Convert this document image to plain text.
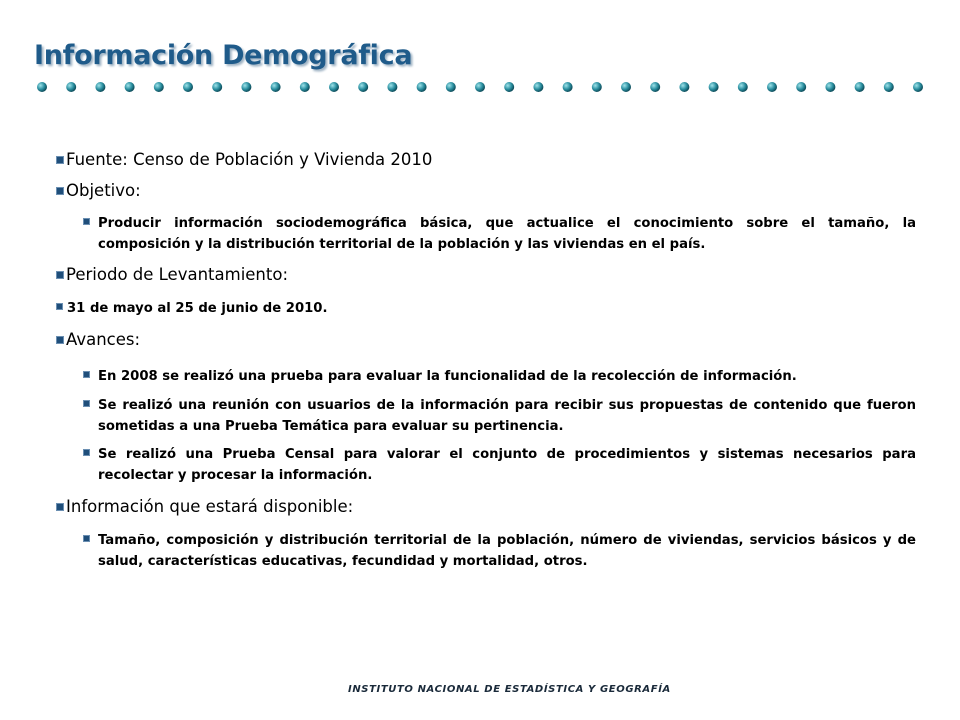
Información Demográfica
Fuente: Censo de Población y Vivienda 2010
Objetivo:
Producir información sociodemográfica básica, que actualice el conocimiento sobre el tamaño, la composición y la distribución territorial de la población y las viviendas en el país.
Periodo de Levantamiento:
31 de mayo al 25 de junio de 2010.
Avances:
En 2008 se realizó una prueba para evaluar la funcionalidad de la recolección de información.
Se realizó una reunión con usuarios de la información para recibir sus propuestas de contenido que fueron sometidas a una Prueba Temática para evaluar su pertinencia.
Se realizó una Prueba Censal para valorar el conjunto de procedimientos y sistemas necesarios para recolectar y procesar la información.
Información que estará disponible:
Tamaño, composición y distribución territorial de la población, número de viviendas, servicios básicos y de salud, características educativas, fecundidad y mortalidad, otros.
INSTITUTO NACIONAL DE ESTADÍSTICA Y GEOGRAFÍA
